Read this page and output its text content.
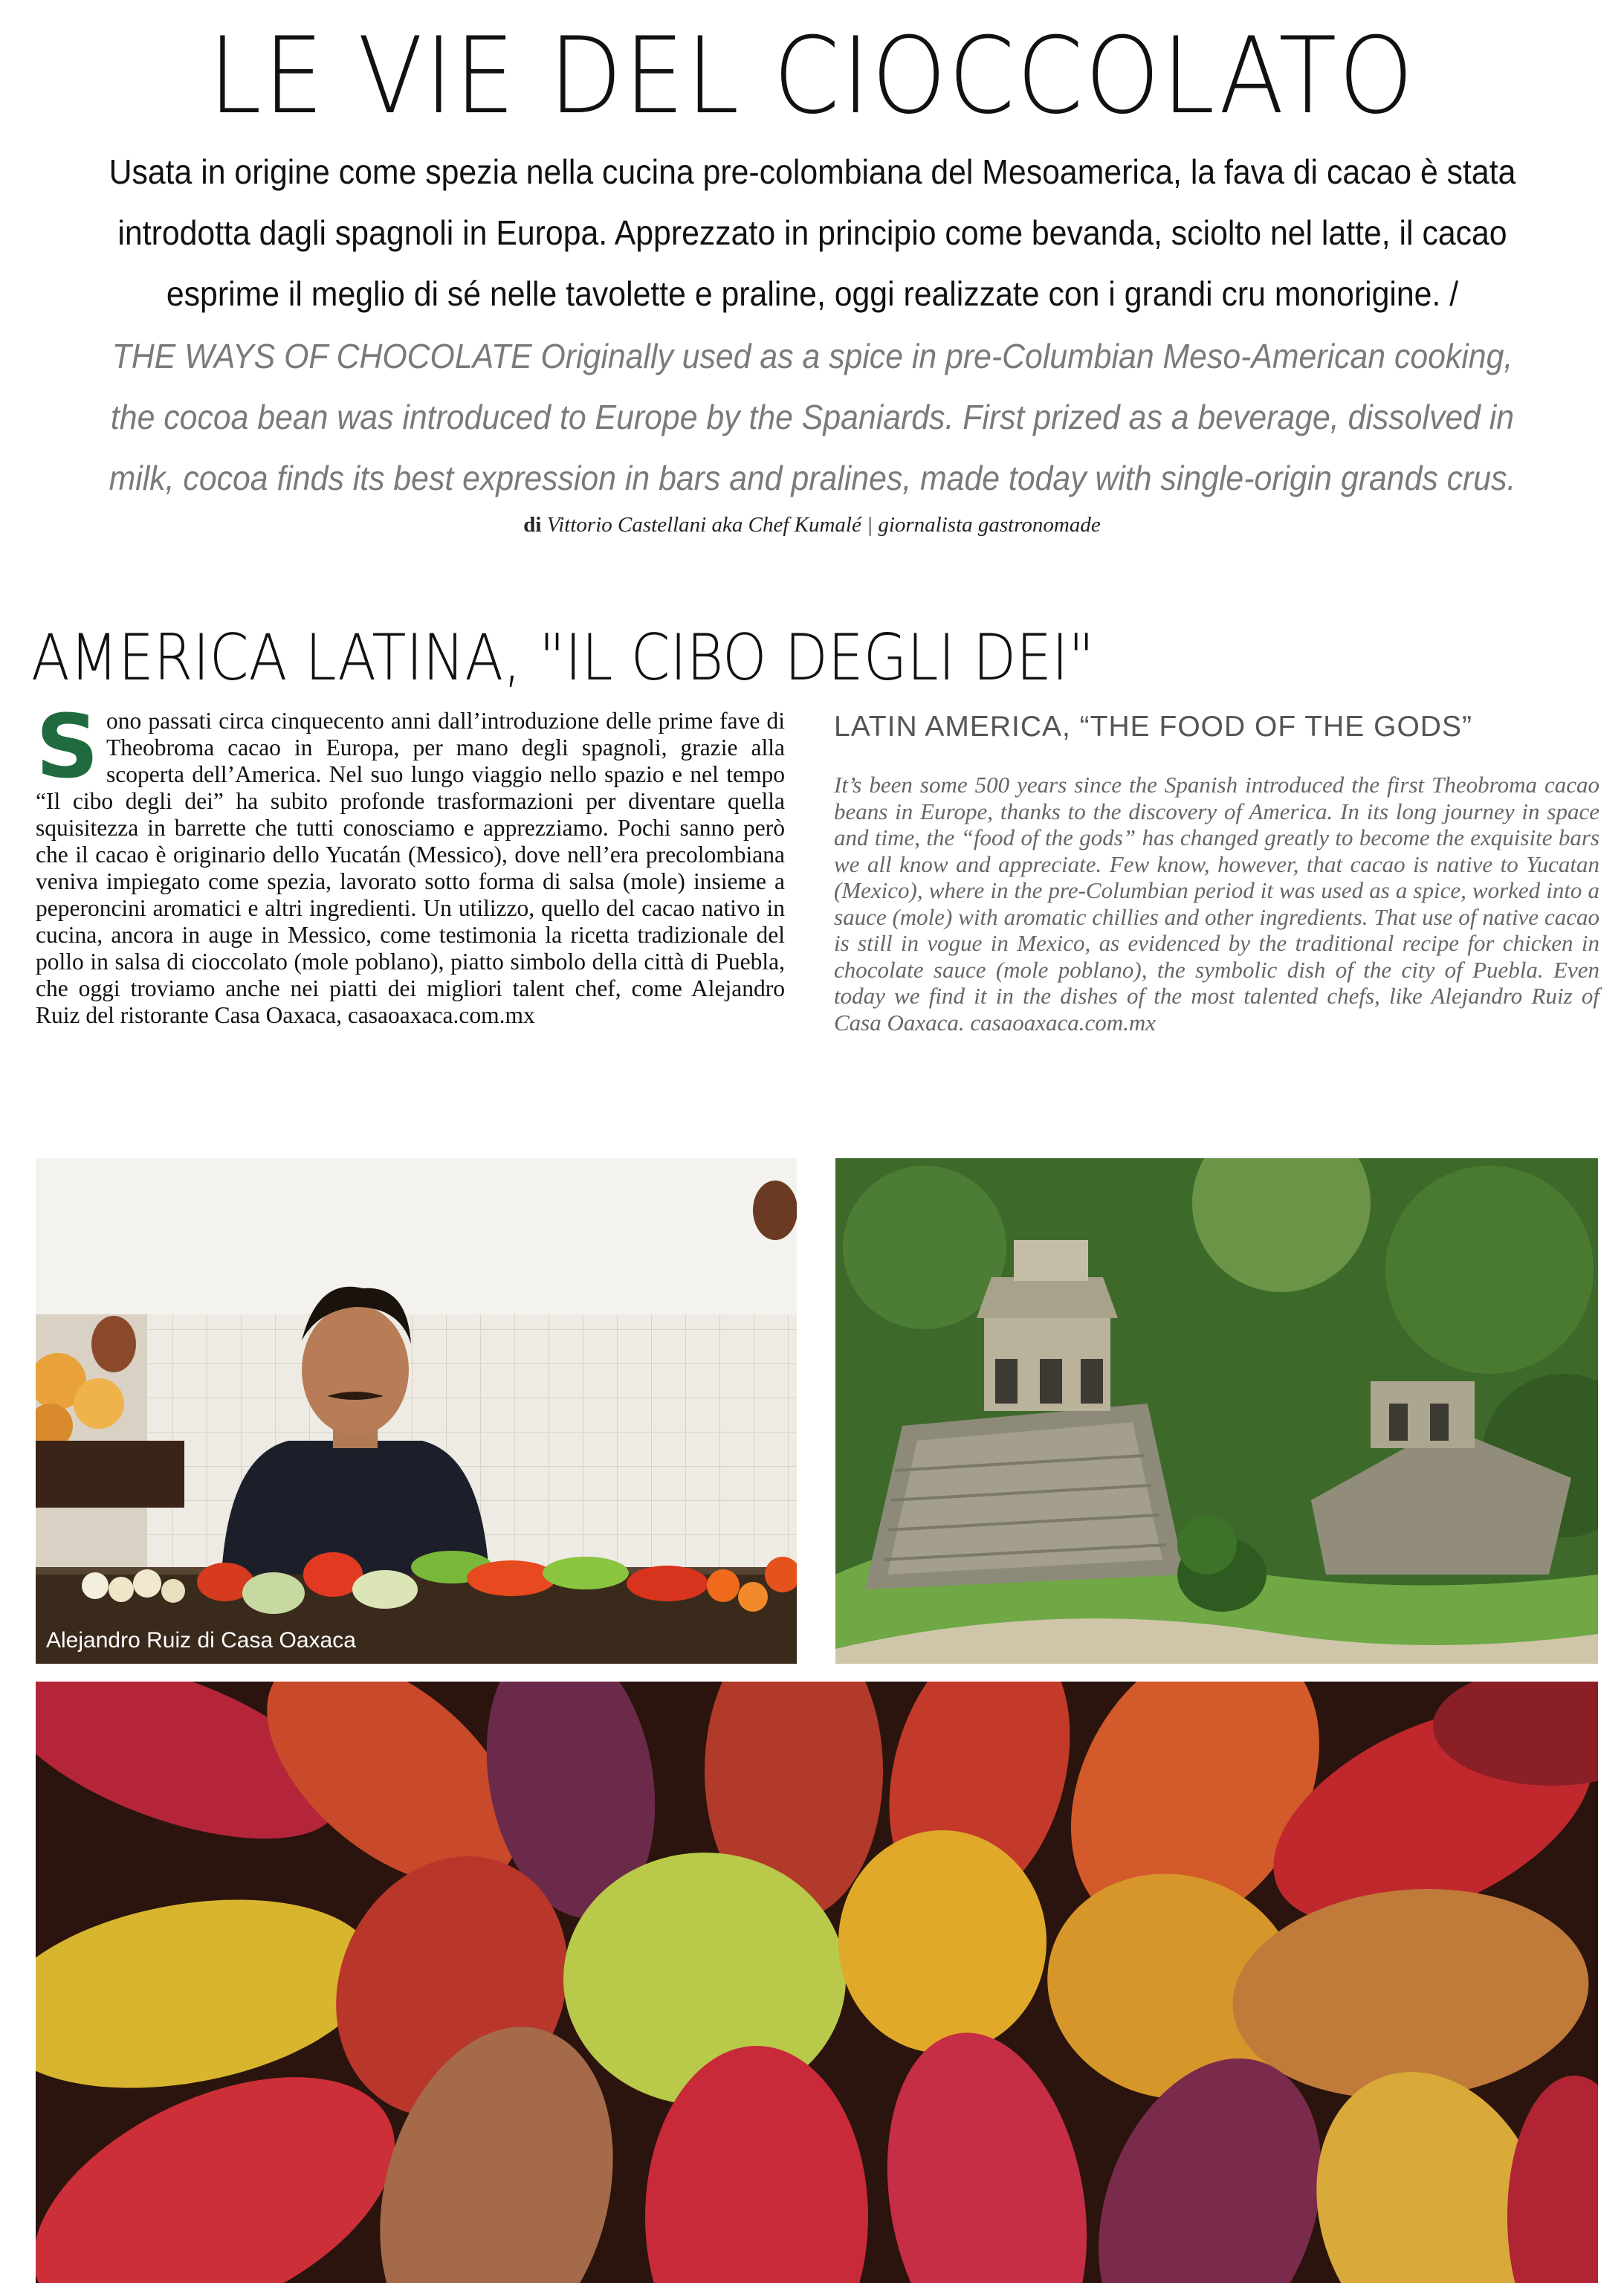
LE VIE DEL CIOCCOLATO
Usata in origine come spezia nella cucina pre-colombiana del Mesoamerica, la fava di cacao è stata introdotta dagli spagnoli in Europa. Apprezzato in principio come bevanda, sciolto nel latte, il cacao esprime il meglio di sé nelle tavolette e praline, oggi realizzate con i grandi cru monorigine. /
THE WAYS OF CHOCOLATE Originally used as a spice in pre-Columbian Meso-American cooking, the cocoa bean was introduced to Europe by the Spaniards. First prized as a beverage, dissolved in milk, cocoa finds its best expression in bars and pralines, made today with single-origin grands crus.
di Vittorio Castellani aka Chef Kumalé | giornalista gastronomade
AMERICA LATINA, "IL CIBO DEGLI DEI"
Sono passati circa cinquecento anni dall’introduzione delle prime fave di Theobroma cacao in Europa, per mano degli spagnoli, grazie alla scoperta dell’America. Nel suo lungo viaggio nello spazio e nel tempo “Il cibo degli dei” ha subito profonde trasformazioni per diventare quella squisitezza in barrette che tutti conosciamo e apprezziamo. Pochi sanno però che il cacao è originario dello Yucatán (Messico), dove nell’era precolombiana veniva impiegato come spezia, lavorato sotto forma di salsa (mole) insieme a peperoncini aromatici e altri ingredienti. Un utilizzo, quello del cacao nativo in cucina, ancora in auge in Messico, come testimonia la ricetta tradizionale del pollo in salsa di cioccolato (mole poblano), piatto simbolo della città di Puebla, che oggi troviamo anche nei piatti dei migliori talent chef, come Alejandro Ruiz del ristorante Casa Oaxaca, casaoaxaca.com.mx
LATIN AMERICA, “THE FOOD OF THE GODS”
It’s been some 500 years since the Spanish introduced the first Theobroma cacao beans in Europe, thanks to the discovery of America. In its long journey in space and time, the “food of the gods” has changed greatly to become the exquisite bars we all know and appreciate. Few know, however, that cacao is native to Yucatan (Mexico), where in the pre-Columbian period it was used as a spice, worked into a sauce (mole) with aromatic chillies and other ingredients. That use of native cacao is still in vogue in Mexico, as evidenced by the traditional recipe for chicken in chocolate sauce (mole poblano), the symbolic dish of the city of Puebla. Even today we find it in the dishes of the most talented chefs, like Alejandro Ruiz of Casa Oaxaca. casaoaxaca.com.mx
Alejandro Ruiz di Casa Oaxaca
